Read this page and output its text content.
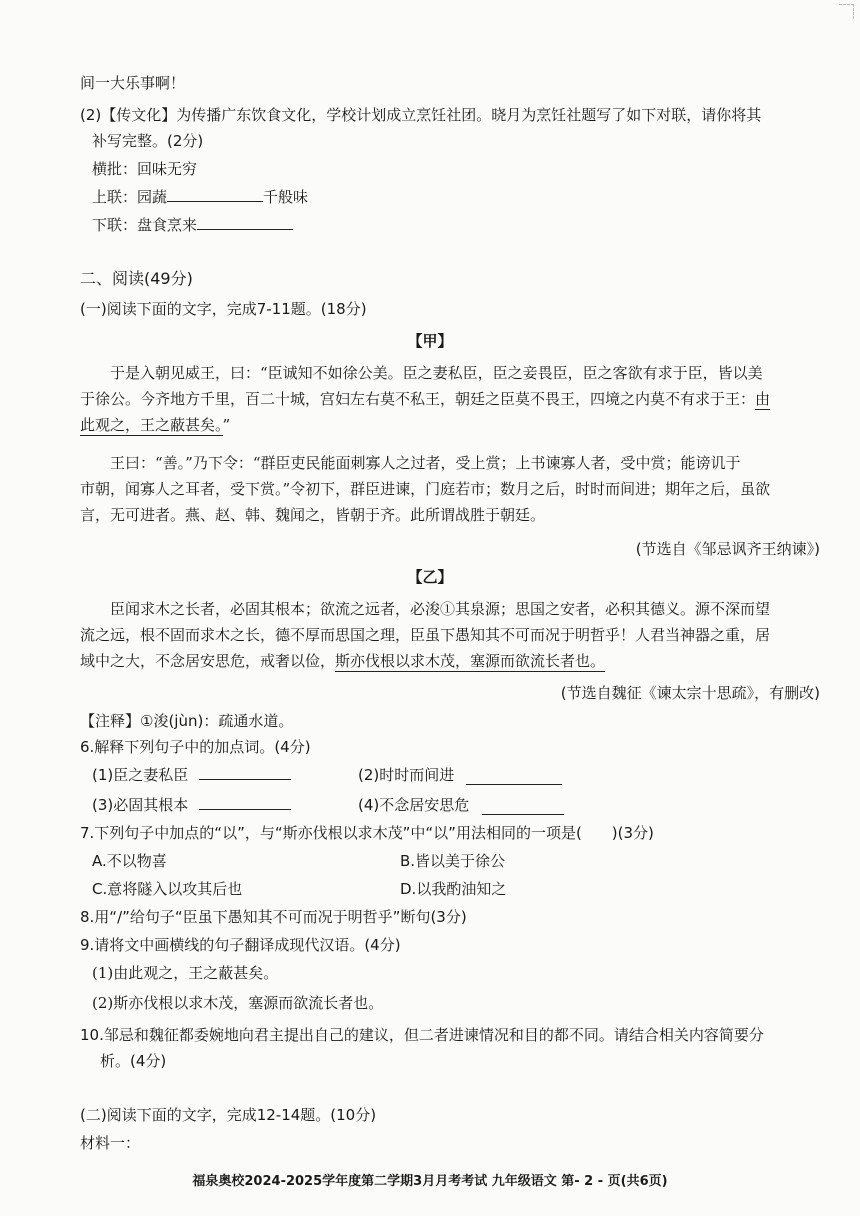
间一大乐事啊！
(2)【传文化】为传播广东饮食文化，学校计划成立烹饪社团。晓月为烹饪社题写了如下对联，请你将其
补写完整。(2分)
横批：回味无穷
上联：园蔬	千般味
下联：盘食烹来
二、阅读(49分)
(一)阅读下面的文字，完成7-11题。(18分)
【甲】
于是入朝见威王，曰：“臣诚知不如徐公美。臣之妻私臣，臣之妾畏臣，臣之客欲有求于臣，皆以美
于徐公。今齐地方千里，百二十城，宫妇左右莫不私王，朝廷之臣莫不畏王，四境之内莫不有求于王：由
此观之，王之蔽甚矣。”
王曰：“善。”乃下令：“群臣吏民能面刺寡人之过者，受上赏；上书谏寡人者，受中赏；能谤讥于
市朝，闻寡人之耳者，受下赏。”令初下，群臣进谏，门庭若市；数月之后，时时而间进；期年之后，虽欲
言，无可进者。燕、赵、韩、魏闻之，皆朝于齐。此所谓战胜于朝廷。
(节选自《邹忌讽齐王纳谏》)
【乙】
臣闻求木之长者，必固其根本；欲流之远者，必浚①其泉源；思国之安者，必积其德义。源不深而望
流之远，根不固而求木之长，德不厚而思国之理，臣虽下愚知其不可而况于明哲乎！人君当神器之重，居
域中之大，不念居安思危，戒奢以俭，斯亦伐根以求木茂，塞源而欲流长者也。
(节选自魏征《谏太宗十思疏》，有删改)
【注释】①浚(jùn)：疏通水道。
6.解释下列句子中的加点词。(4分)
(1)臣之妻私臣	(2)时时而间进
(3)必固其根本	(4)不念居安思危
7.下列句子中加点的“以”，与“斯亦伐根以求木茂”中“以”用法相同的一项是( )(3分)
A.不以物喜	B.皆以美于徐公
C.意将隧入以攻其后也	D.以我酌油知之
8.用“/”给句子“臣虽下愚知其不可而况于明哲乎”断句(3分)
9.请将文中画横线的句子翻译成现代汉语。(4分)
(1)由此观之，王之蔽甚矣。
(2)斯亦伐根以求木茂，塞源而欲流长者也。
10.邹忌和魏征都委婉地向君主提出自己的建议，但二者进谏情况和目的都不同。请结合相关内容简要分
析。(4分)
(二)阅读下面的文字，完成12-14题。(10分)
材料一：
福泉奥校2024-2025学年度第二学期3月月考考试 九年级语文 第- 2 - 页(共6页)
